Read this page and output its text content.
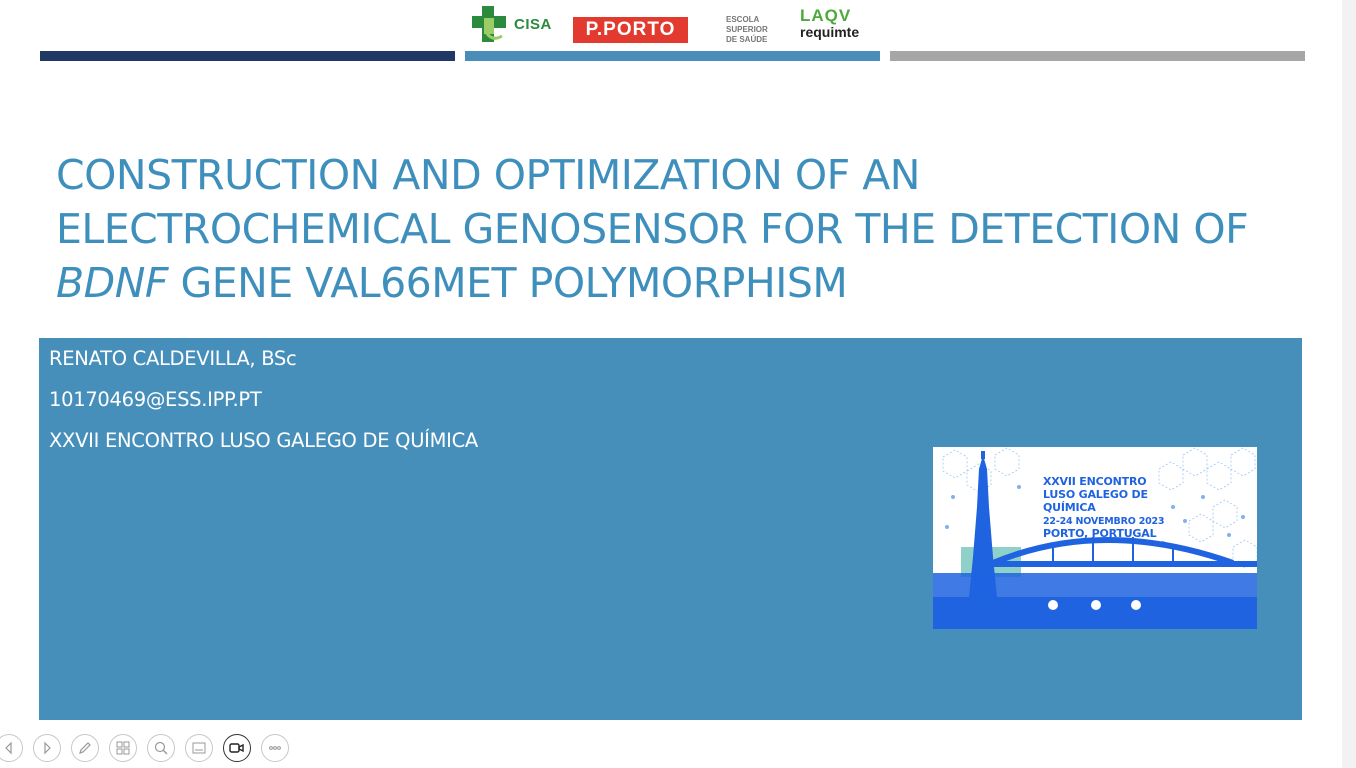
CISA	P.PORTO	ESCOLA
SUPERIOR
DE SAÚDE
LAQV
requimte
CONSTRUCTION AND OPTIMIZATION OF AN ELECTROCHEMICAL GENOSENSOR FOR THE DETECTION OF BDNF GENE VAL66MET POLYMORPHISM
RENATO CALDEVILLA, BSc
10170469@ESS.IPP.PT
XXVII ENCONTRO LUSO GALEGO DE QUÍMICA
XXVII ENCONTRO
LUSO GALEGO DE
QUÍMICA
22-24 NOVEMBRO 2023
PORTO, PORTUGAL
